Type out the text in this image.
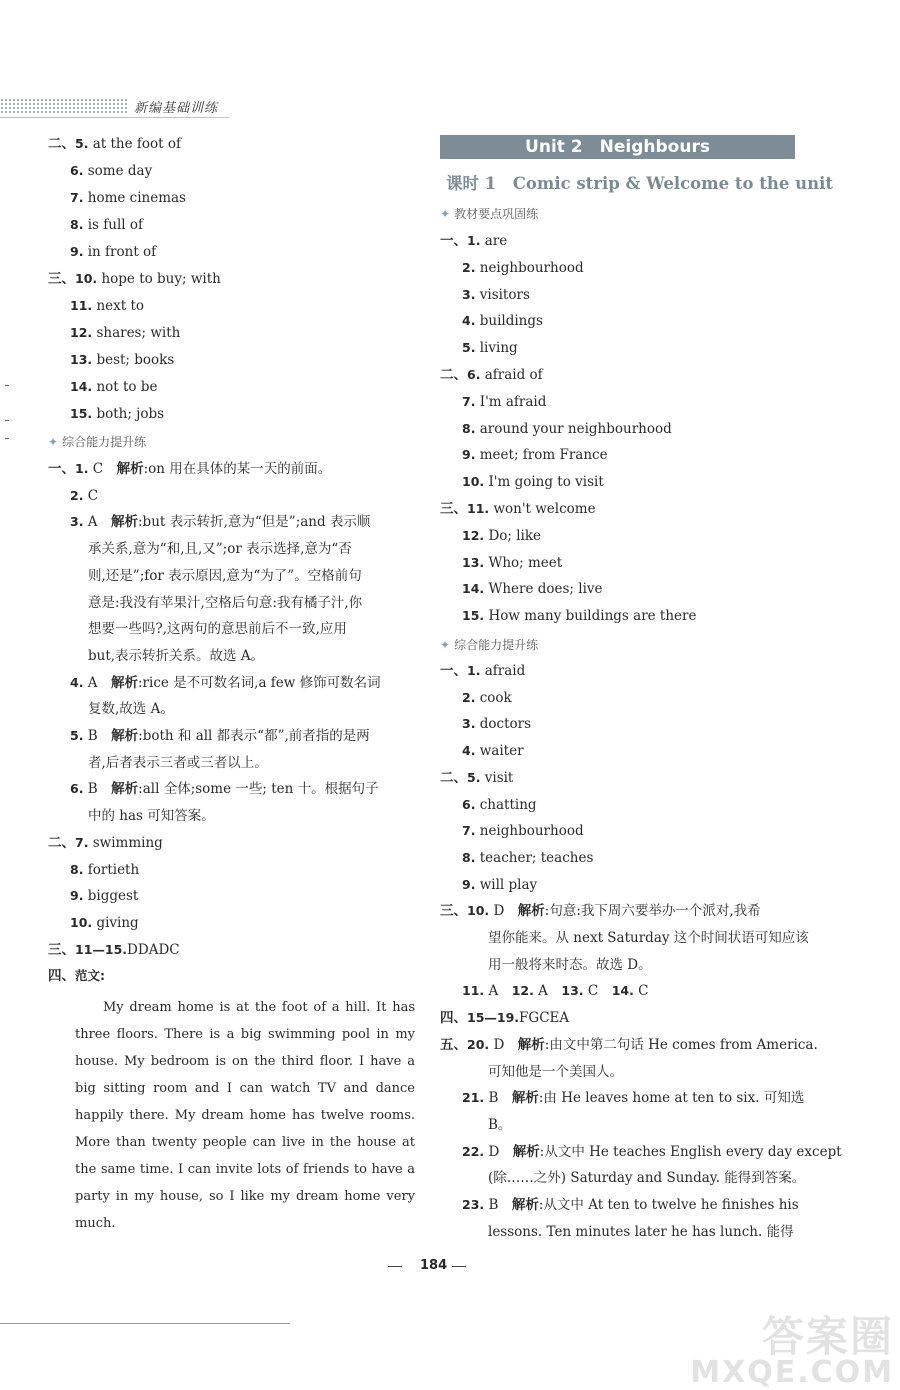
新编基础训练
二、5. at the foot of
6. some day
7. home cinemas
8. is full of
9. in front of
三、10. hope to buy; with
11. next to
12. shares; with
13. best; books
14. not to be
15. both; jobs
一、1. C　解析:on 用在具体的某一天的前面。
2. C
3. A　解析:but 表示转折,意为“但是”;and 表示顺
承关系,意为“和,且,又”;or 表示选择,意为“否
则,还是”;for 表示原因,意为“为了”。空格前句
意是:我没有苹果汁,空格后句意:我有橘子汁,你
想要一些吗?,这两句的意思前后不一致,应用
but,表示转折关系。故选 A。
4. A　解析:rice 是不可数名词,a few 修饰可数名词
复数,故选 A。
5. B　解析:both 和 all 都表示“都”,前者指的是两
者,后者表示三者或三者以上。
6. B　解析:all 全体;some 一些; ten 十。根据句子
中的 has 可知答案。
二、7. swimming
8. fortieth
9. biggest
10. giving
三、11—15.DDADC
四、范文:
✦ 综合能力提升练
My dream home is at the foot of a hill. It has three floors. There is a big swimming pool in my house. My bedroom is on the third floor. I have a big sitting room and I can watch TV and dance happily there. My dream home has twelve rooms. More than twenty people can live in the house at the same time. I can invite lots of friends to have a party in my house, so I like my dream home very much.
Unit 2　Neighbours
课时 1　Comic strip & Welcome to the unit
✦ 教材要点巩固练
✦ 综合能力提升练
一、1. are
2. neighbourhood
3. visitors
4. buildings
5. living
二、6. afraid of
7. I'm afraid
8. around your neighbourhood
9. meet; from France
10. I'm going to visit
三、11. won't welcome
12. Do; like
13. Who; meet
14. Where does; live
15. How many buildings are there
一、1. afraid
2. cook
3. doctors
4. waiter
二、5. visit
6. chatting
7. neighbourhood
8. teacher; teaches
9. will play
三、10. D　解析:句意:我下周六要举办一个派对,我希
望你能来。从 next Saturday 这个时间状语可知应该
用一般将来时态。故选 D。
11. A　12. A　13. C　14. C
四、15—19.FGCEA
五、20. D　解析:由文中第二句话 He comes from America.
可知他是一个美国人。
21. B　解析:由 He leaves home at ten to six. 可知选
B。
22. D　解析:从文中 He teaches English every day except
(除……之外) Saturday and Sunday. 能得到答案。
23. B　解析:从文中 At ten to twelve he finishes his
lessons. Ten minutes later he has lunch. 能得
184
答案圈
MXQE.COM
